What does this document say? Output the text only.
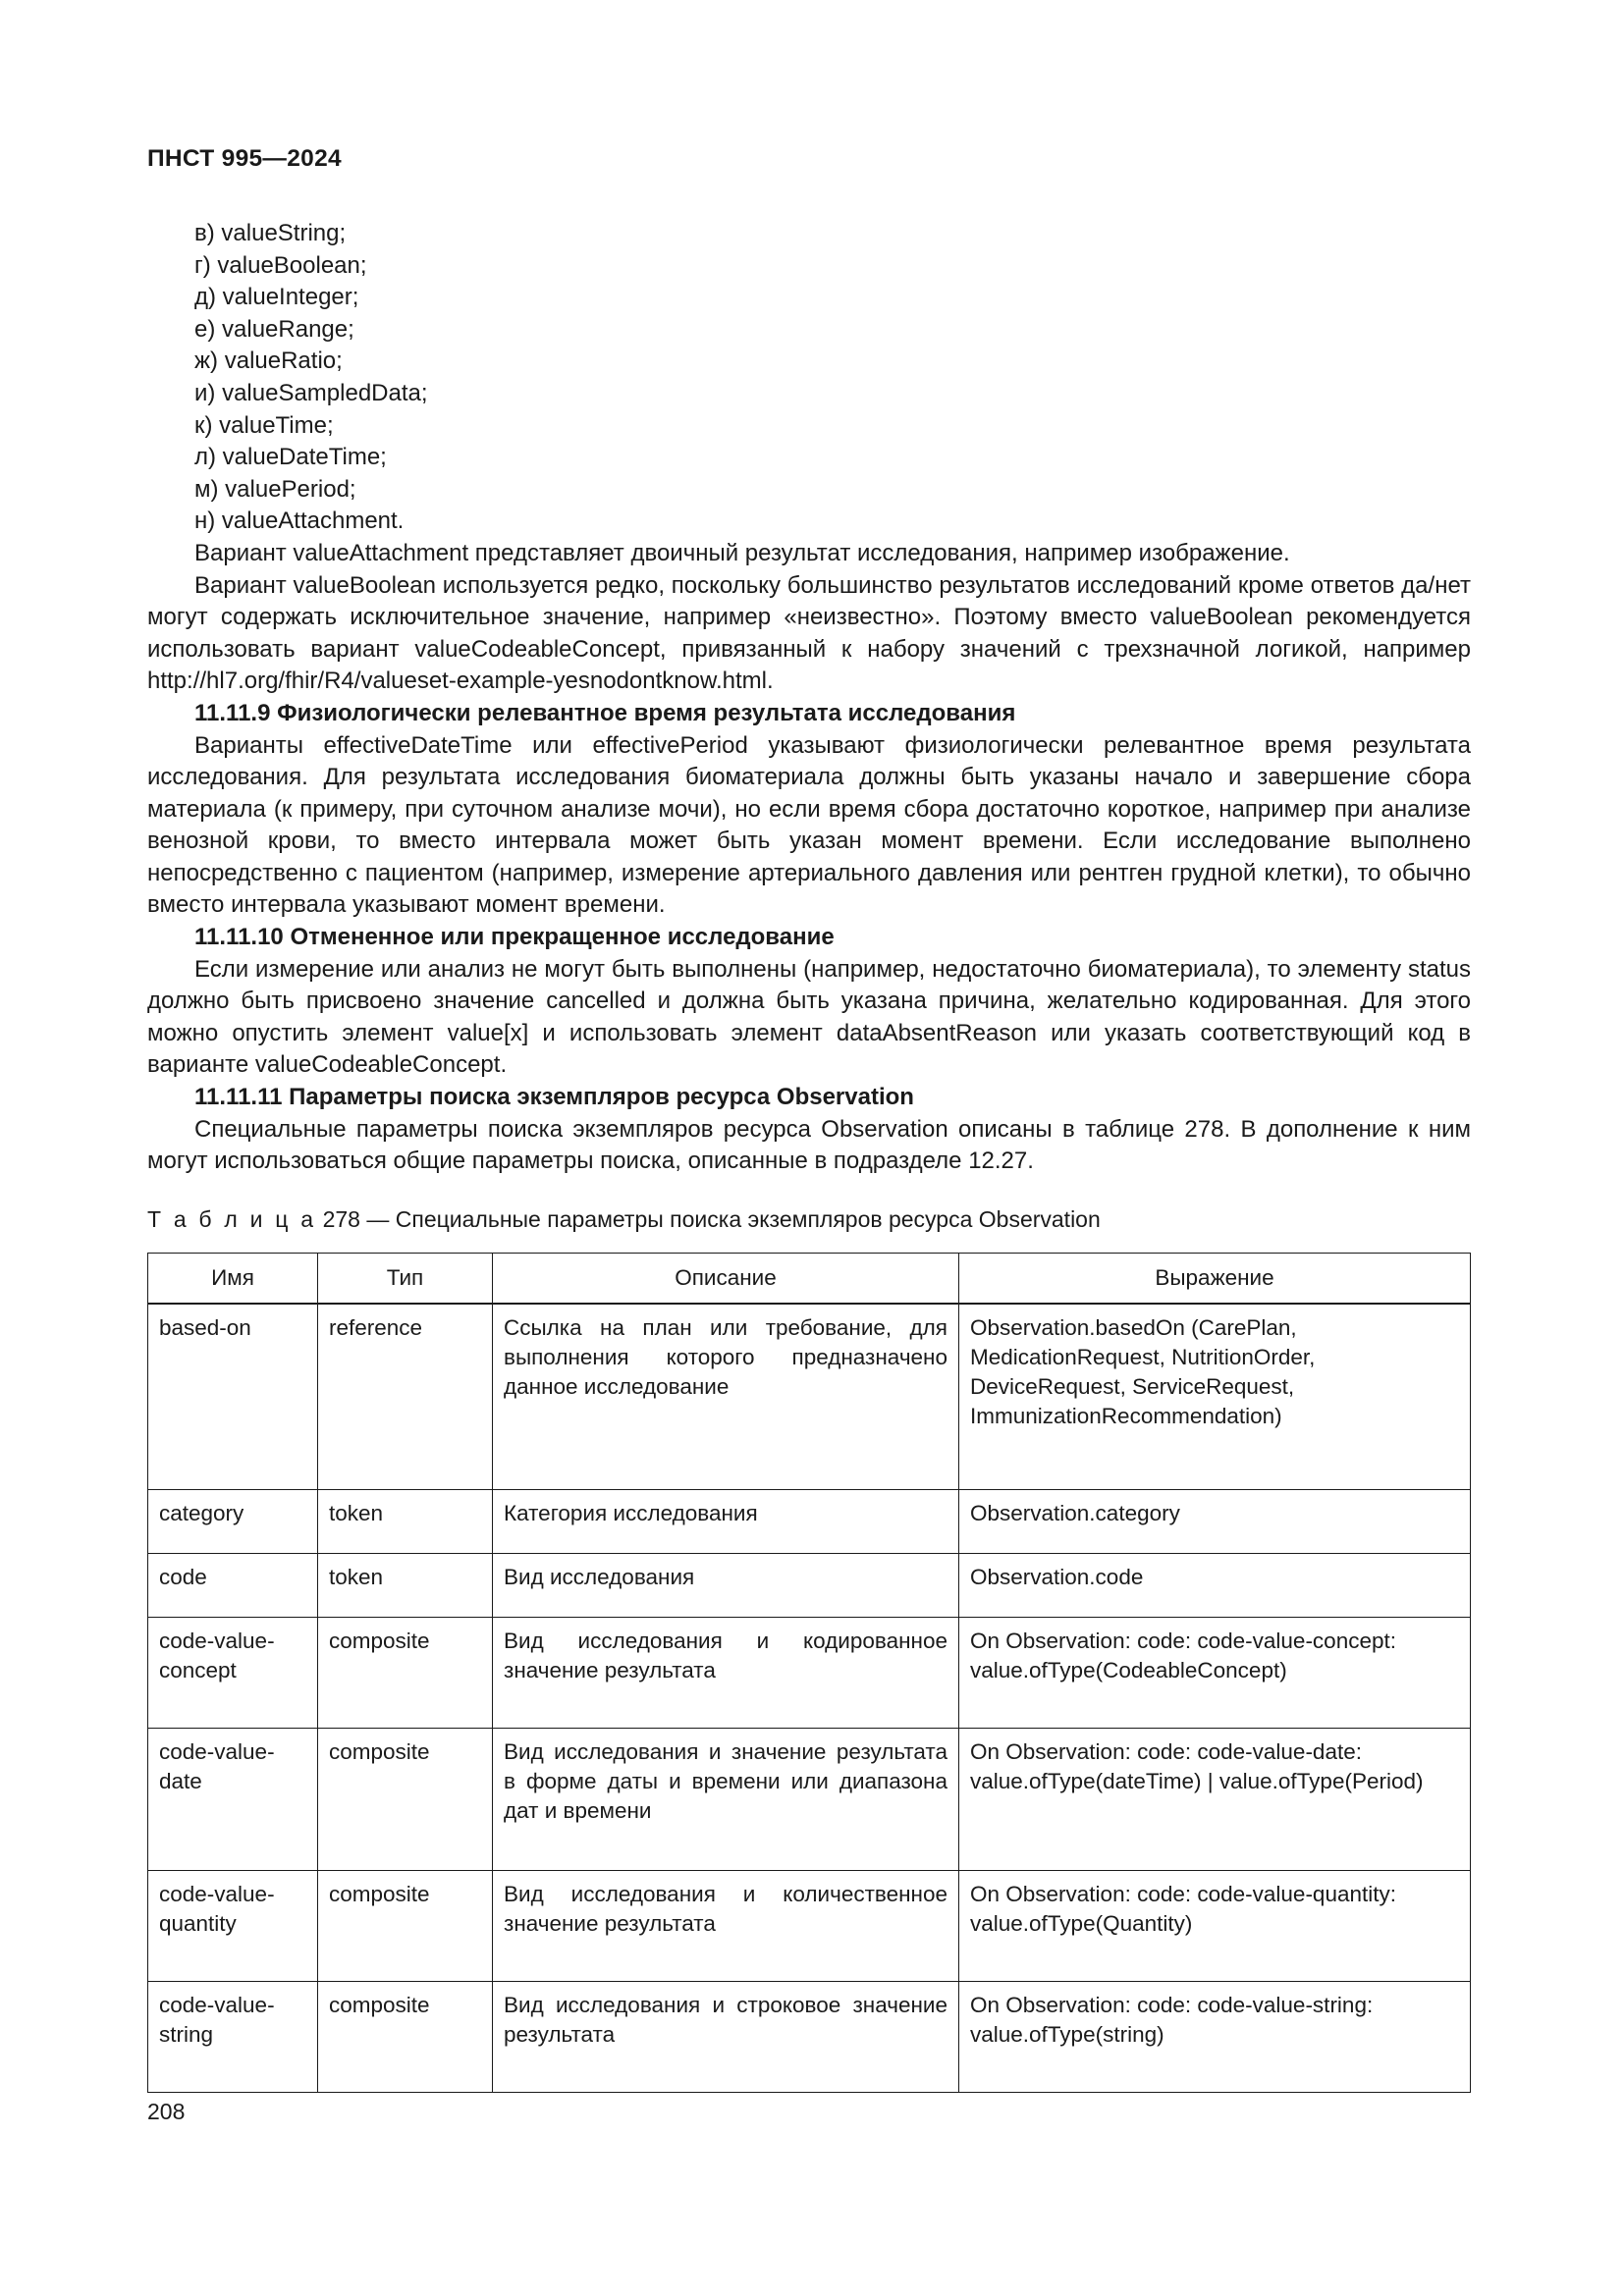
ПНСТ 995—2024
в) valueString;
г) valueBoolean;
д) valueInteger;
е) valueRange;
ж) valueRatio;
и) valueSampledData;
к) valueTime;
л) valueDateTime;
м) valuePeriod;
н) valueAttachment.

Вариант valueAttachment представляет двоичный результат исследования, например изображение.

Вариант valueBoolean используется редко, поскольку большинство результатов исследований кроме ответов да/нет могут содержать исключительное значение, например «неизвестно». Поэтому вместо valueBoolean рекомендуется использовать вариант valueCodeableConcept, привязанный к набору значений с трехзначной логикой, например http://hl7.org/fhir/R4/valueset-example-yesnodontknow.html.

11.11.9 Физиологически релевантное время результата исследования

Варианты effectiveDateTime или effectivePeriod указывают физиологически релевантное время результата исследования. Для результата исследования биоматериала должны быть указаны начало и завершение сбора материала (к примеру, при суточном анализе мочи), но если время сбора достаточно короткое, например при анализе венозной крови, то вместо интервала может быть указан момент времени. Если исследование выполнено непосредственно с пациентом (например, измерение артериального давления или рентген грудной клетки), то обычно вместо интервала указывают момент времени.

11.11.10 Отмененное или прекращенное исследование

Если измерение или анализ не могут быть выполнены (например, недостаточно биоматериала), то элементу status должно быть присвоено значение cancelled и должна быть указана причина, желательно кодированная. Для этого можно опустить элемент value[x] и использовать элемент dataAbsentReason или указать соответствующий код в варианте valueCodeableConcept.

11.11.11 Параметры поиска экземпляров ресурса Observation

Специальные параметры поиска экземпляров ресурса Observation описаны в таблице 278. В дополнение к ним могут использоваться общие параметры поиска, описанные в подразделе 12.27.

Т а б л и ц а 278 — Специальные параметры поиска экземпляров ресурса Observation

Имя	Тип	Описание	Выражение
based-on	reference	Ссылка на план или требование, для выполнения которого предназначено данное исследование	Observation.basedOn (CarePlan, MedicationRequest, NutritionOrder, DeviceRequest, ServiceRequest, ImmunizationRecommendation)
category	token	Категория исследования	Observation.category
code	token	Вид исследования	Observation.code
code-value-concept	composite	Вид исследования и кодированное значение результата	On Observation: code: code-value-concept: value.ofType(CodeableConcept)
code-value-date	composite	Вид исследования и значение результата в форме даты и времени или диапазона дат и времени	On Observation: code: code-value-date: value.ofType(dateTime) | value.ofType(Period)
code-value-quantity	composite	Вид исследования и количественное значение результата	On Observation: code: code-value-quantity: value.ofType(Quantity)
code-value-string	composite	Вид исследования и строковое значение результата	On Observation: code: code-value-string: value.ofType(string)
208
